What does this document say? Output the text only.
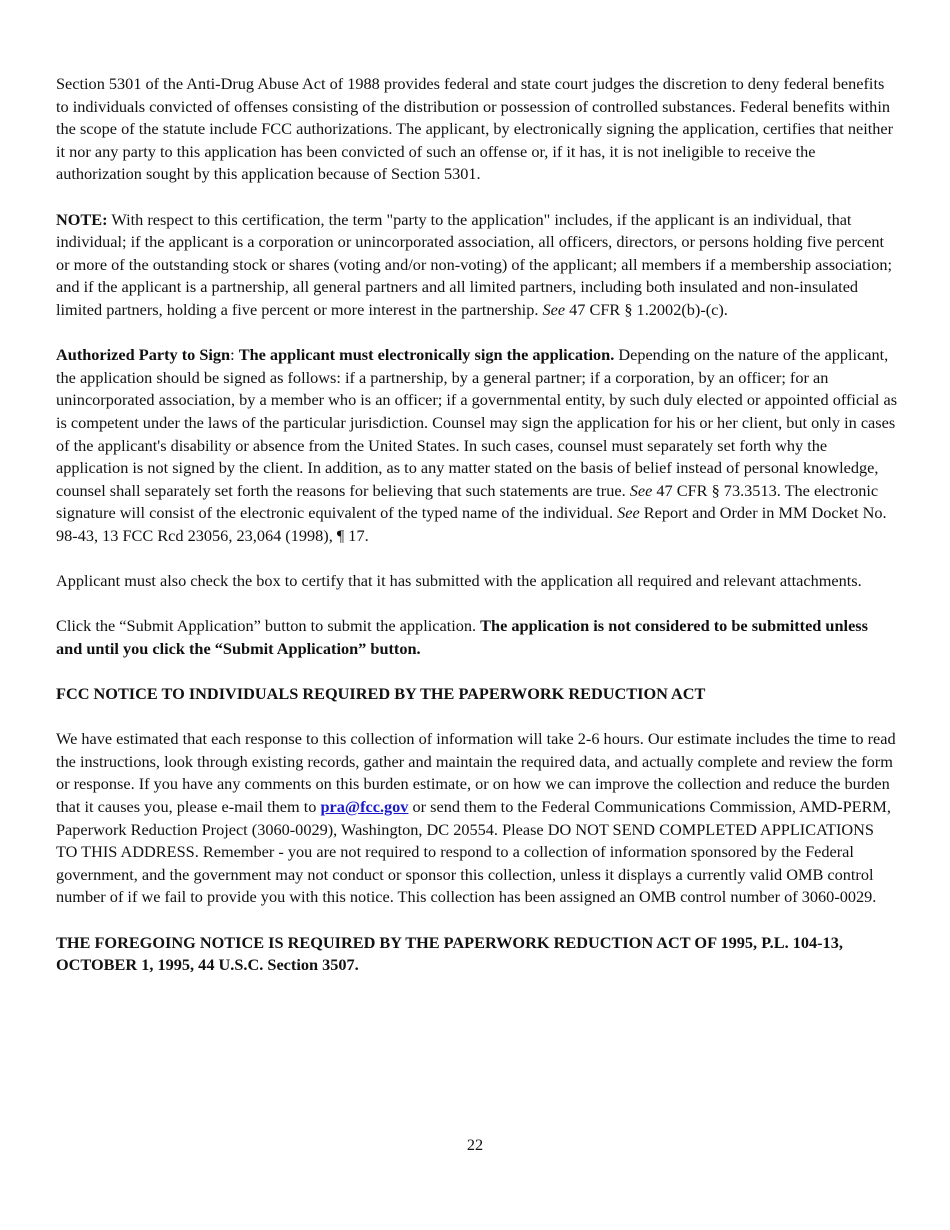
Section 5301 of the Anti-Drug Abuse Act of 1988 provides federal and state court judges the discretion to deny federal benefits to individuals convicted of offenses consisting of the distribution or possession of controlled substances. Federal benefits within the scope of the statute include FCC authorizations. The applicant, by electronically signing the application, certifies that neither it nor any party to this application has been convicted of such an offense or, if it has, it is not ineligible to receive the authorization sought by this application because of Section 5301.

NOTE: With respect to this certification, the term "party to the application" includes, if the applicant is an individual, that individual; if the applicant is a corporation or unincorporated association, all officers, directors, or persons holding five percent or more of the outstanding stock or shares (voting and/or non-voting) of the applicant; all members if a membership association; and if the applicant is a partnership, all general partners and all limited partners, including both insulated and non-insulated limited partners, holding a five percent or more interest in the partnership. See 47 CFR § 1.2002(b)-(c).

Authorized Party to Sign: The applicant must electronically sign the application. Depending on the nature of the applicant, the application should be signed as follows: if a partnership, by a general partner; if a corporation, by an officer; for an unincorporated association, by a member who is an officer; if a governmental entity, by such duly elected or appointed official as is competent under the laws of the particular jurisdiction. Counsel may sign the application for his or her client, but only in cases of the applicant's disability or absence from the United States. In such cases, counsel must separately set forth why the application is not signed by the client. In addition, as to any matter stated on the basis of belief instead of personal knowledge, counsel shall separately set forth the reasons for believing that such statements are true. See 47 CFR § 73.3513. The electronic signature will consist of the electronic equivalent of the typed name of the individual. See Report and Order in MM Docket No. 98-43, 13 FCC Rcd 23056, 23,064 (1998), ¶ 17.

Applicant must also check the box to certify that it has submitted with the application all required and relevant attachments.

Click the “Submit Application” button to submit the application. The application is not considered to be submitted unless and until you click the “Submit Application” button.

FCC NOTICE TO INDIVIDUALS REQUIRED BY THE PAPERWORK REDUCTION ACT

We have estimated that each response to this collection of information will take 2-6 hours. Our estimate includes the time to read the instructions, look through existing records, gather and maintain the required data, and actually complete and review the form or response. If you have any comments on this burden estimate, or on how we can improve the collection and reduce the burden that it causes you, please e-mail them to pra@fcc.gov or send them to the Federal Communications Commission, AMD-PERM, Paperwork Reduction Project (3060-0029), Washington, DC 20554. Please DO NOT SEND COMPLETED APPLICATIONS TO THIS ADDRESS. Remember - you are not required to respond to a collection of information sponsored by the Federal government, and the government may not conduct or sponsor this collection, unless it displays a currently valid OMB control number of if we fail to provide you with this notice. This collection has been assigned an OMB control number of 3060-0029.

THE FOREGOING NOTICE IS REQUIRED BY THE PAPERWORK REDUCTION ACT OF 1995, P.L. 104-13, OCTOBER 1, 1995, 44 U.S.C. Section 3507.

22
